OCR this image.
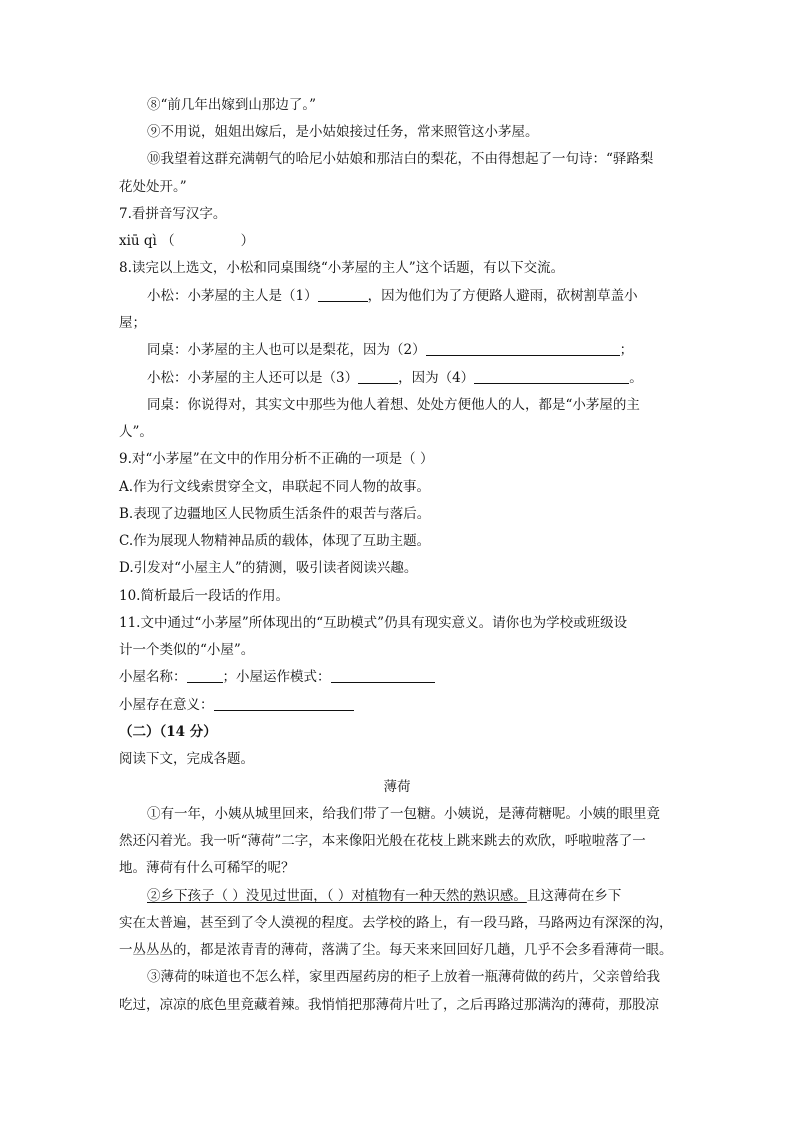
⑧“前几年出嫁到山那边了。”
⑨不用说，姐姐出嫁后，是小姑娘接过任务，常来照管这小茅屋。
⑩我望着这群充满朝气的哈尼小姑娘和那洁白的梨花，不由得想起了一句诗：“驿路梨
花处处开。”
7.看拼音写汉字。
xiū qì （	）
8.读完以上选文，小松和同桌围绕“小茅屋的主人”这个话题，有以下交流。
小松：小茅屋的主人是（1）	，因为他们为了方便路人避雨，砍树割草盖小
屋；
同桌：小茅屋的主人也可以是梨花，因为（2）	；
小松：小茅屋的主人还可以是（3）	，因为（4）	。
同桌：你说得对，其实文中那些为他人着想、处处方便他人的人，都是“小茅屋的主
人”。
9.对“小茅屋”在文中的作用分析不正确的一项是（ ）
A.作为行文线索贯穿全文，串联起不同人物的故事。
B.表现了边疆地区人民物质生活条件的艰苦与落后。
C.作为展现人物精神品质的载体，体现了互助主题。
D.引发对“小屋主人”的猜测，吸引读者阅读兴趣。
10.简析最后一段话的作用。
11.文中通过“小茅屋”所体现出的“互助模式”仍具有现实意义。请你也为学校或班级设
计一个类似的“小屋”。
小屋名称：	；小屋运作模式：
小屋存在意义：
（二）（14 分）
阅读下文，完成各题。
薄荷
①有一年，小姨从城里回来，给我们带了一包糖。小姨说，是薄荷糖呢。小姨的眼里竟
然还闪着光。我一听“薄荷”二字，本来像阳光般在花枝上跳来跳去的欢欣，呼啦啦落了一
地。薄荷有什么可稀罕的呢？
②乡下孩子（ ）没见过世面，（ ）对植物有一种天然的熟识感。且这薄荷在乡下
实在太普遍，甚至到了令人漠视的程度。去学校的路上，有一段马路，马路两边有深深的沟，
一丛丛丛的，都是浓青青的薄荷，落满了尘。每天来来回回好几趟，几乎不会多看薄荷一眼。
③薄荷的味道也不怎么样，家里西屋药房的柜子上放着一瓶薄荷做的药片，父亲曾给我
吃过，凉凉的底色里竟藏着辣。我悄悄把那薄荷片吐了，之后再路过那满沟的薄荷，那股凉
